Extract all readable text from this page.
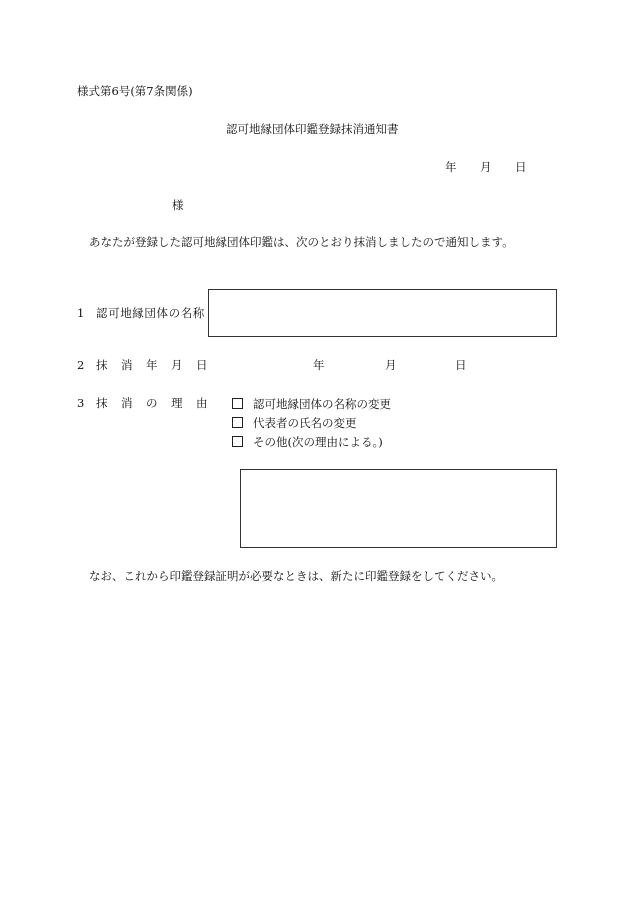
様式第6号(第7条関係)
認可地縁団体印鑑登録抹消通知書
年 月 日
様
あなたが登録した認可地縁団体印鑑は、次のとおり抹消しましたので通知します。
1 認可地縁団体の名称
2 抹 消 年 月 日	年	月	日
3 抹 消 の 理 由	認可地縁団体の名称の変更
代表者の氏名の変更
その他(次の理由による。)
なお、これから印鑑登録証明が必要なときは、新たに印鑑登録をしてください。
